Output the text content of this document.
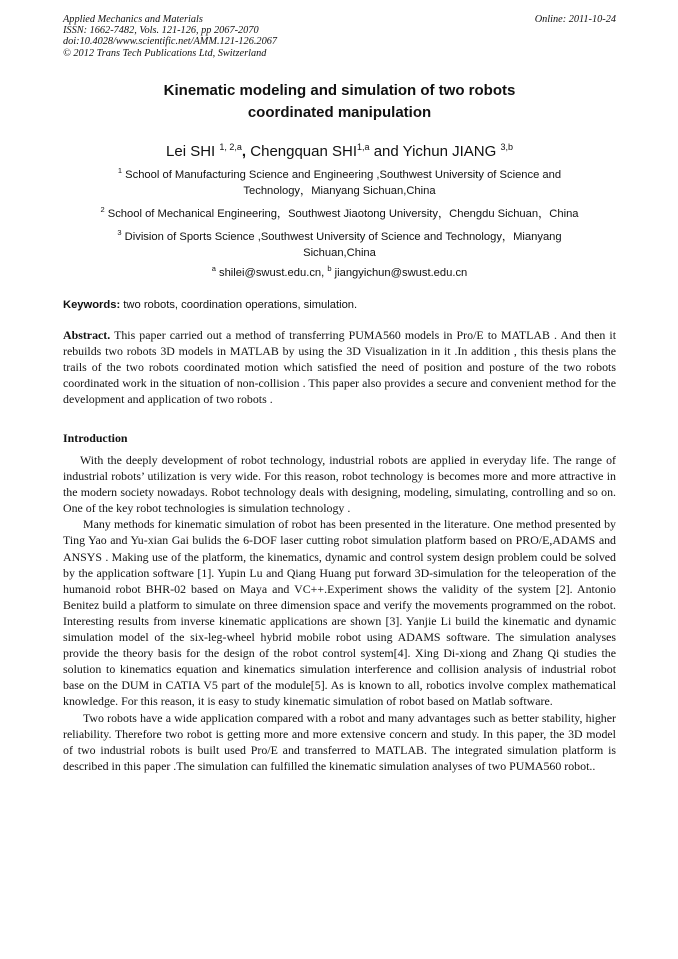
Applied Mechanics and Materials
ISSN: 1662-7482, Vols. 121-126, pp 2067-2070
doi:10.4028/www.scientific.net/AMM.121-126.2067
© 2012 Trans Tech Publications Ltd, Switzerland
Online: 2011-10-24
Kinematic modeling and simulation of two robots
coordinated manipulation
Lei SHI $^{1, 2,a}$, Chengquan SHI$^{1,a}$ and Yichun JIANG $^{3,b}$
$^1$ School of Manufacturing Science and Engineering ,Southwest University of Science and
Technology，Mianyang Sichuan,China
$^2$ School of Mechanical Engineering，Southwest Jiaotong University，Chengdu Sichuan，China
$^3$ Division of Sports Science ,Southwest University of Science and Technology，Mianyang
Sichuan,China
$^a$ shilei@swust.edu.cn, $^b$ jiangyichun@swust.edu.cn
Keywords: two robots, coordination operations, simulation.
Abstract. This paper carried out a method of transferring PUMA560 models in Pro/E to MATLAB . And then it rebuilds two robots 3D models in MATLAB by using the 3D Visualization in it .In addition , this thesis plans the trails of the two robots coordinated motion which satisfied the need of position and posture of the two robots coordinated work in the situation of non-collision . This paper also provides a secure and convenient method for the development and application of two robots .
Introduction

With the deeply development of robot technology, industrial robots are applied in everyday life. The range of industrial robots’ utilization is very wide. For this reason, robot technology is becomes more and more attractive in the modern society nowadays. Robot technology deals with designing, modeling, simulating, controlling and so on. One of the key robot technologies is simulation technology .

Many methods for kinematic simulation of robot has been presented in the literature. One method presented by Ting Yao and Yu-xian Gai bulids the 6-DOF laser cutting robot simulation platform based on PRO/E,ADAMS and ANSYS . Making use of the platform, the kinematics, dynamic and control system design problem could be solved by the application software [1]. Yupin Lu and Qiang Huang put forward 3D-simulation for the teleoperation of the humanoid robot BHR-02 based on Maya and VC++.Experiment shows the validity of the system [2]. Antonio Benitez build a platform to simulate on three dimension space and verify the movements programmed on the robot. Interesting results from inverse kinematic applications are shown [3]. Yanjie Li build the kinematic and dynamic simulation model of the six-leg-wheel hybrid mobile robot using ADAMS software. The simulation analyses provide the theory basis for the design of the robot control system[4]. Xing Di-xiong and Zhang Qi studies the solution to kinematics equation and kinematics simulation interference and collision analysis of industrial robot base on the DUM in CATIA V5 part of the module[5]. As is known to all, robotics involve complex mathematical knowledge. For this reason, it is easy to study kinematic simulation of robot based on Matlab software.

Two robots have a wide application compared with a robot and many advantages such as better stability, higher reliability. Therefore two robot is getting more and more extensive concern and study. In this paper, the 3D model of two industrial robots is built used Pro/E and transferred to MATLAB. The integrated simulation platform is described in this paper .The simulation can fulfilled the kinematic simulation analyses of two PUMA560 robot..
